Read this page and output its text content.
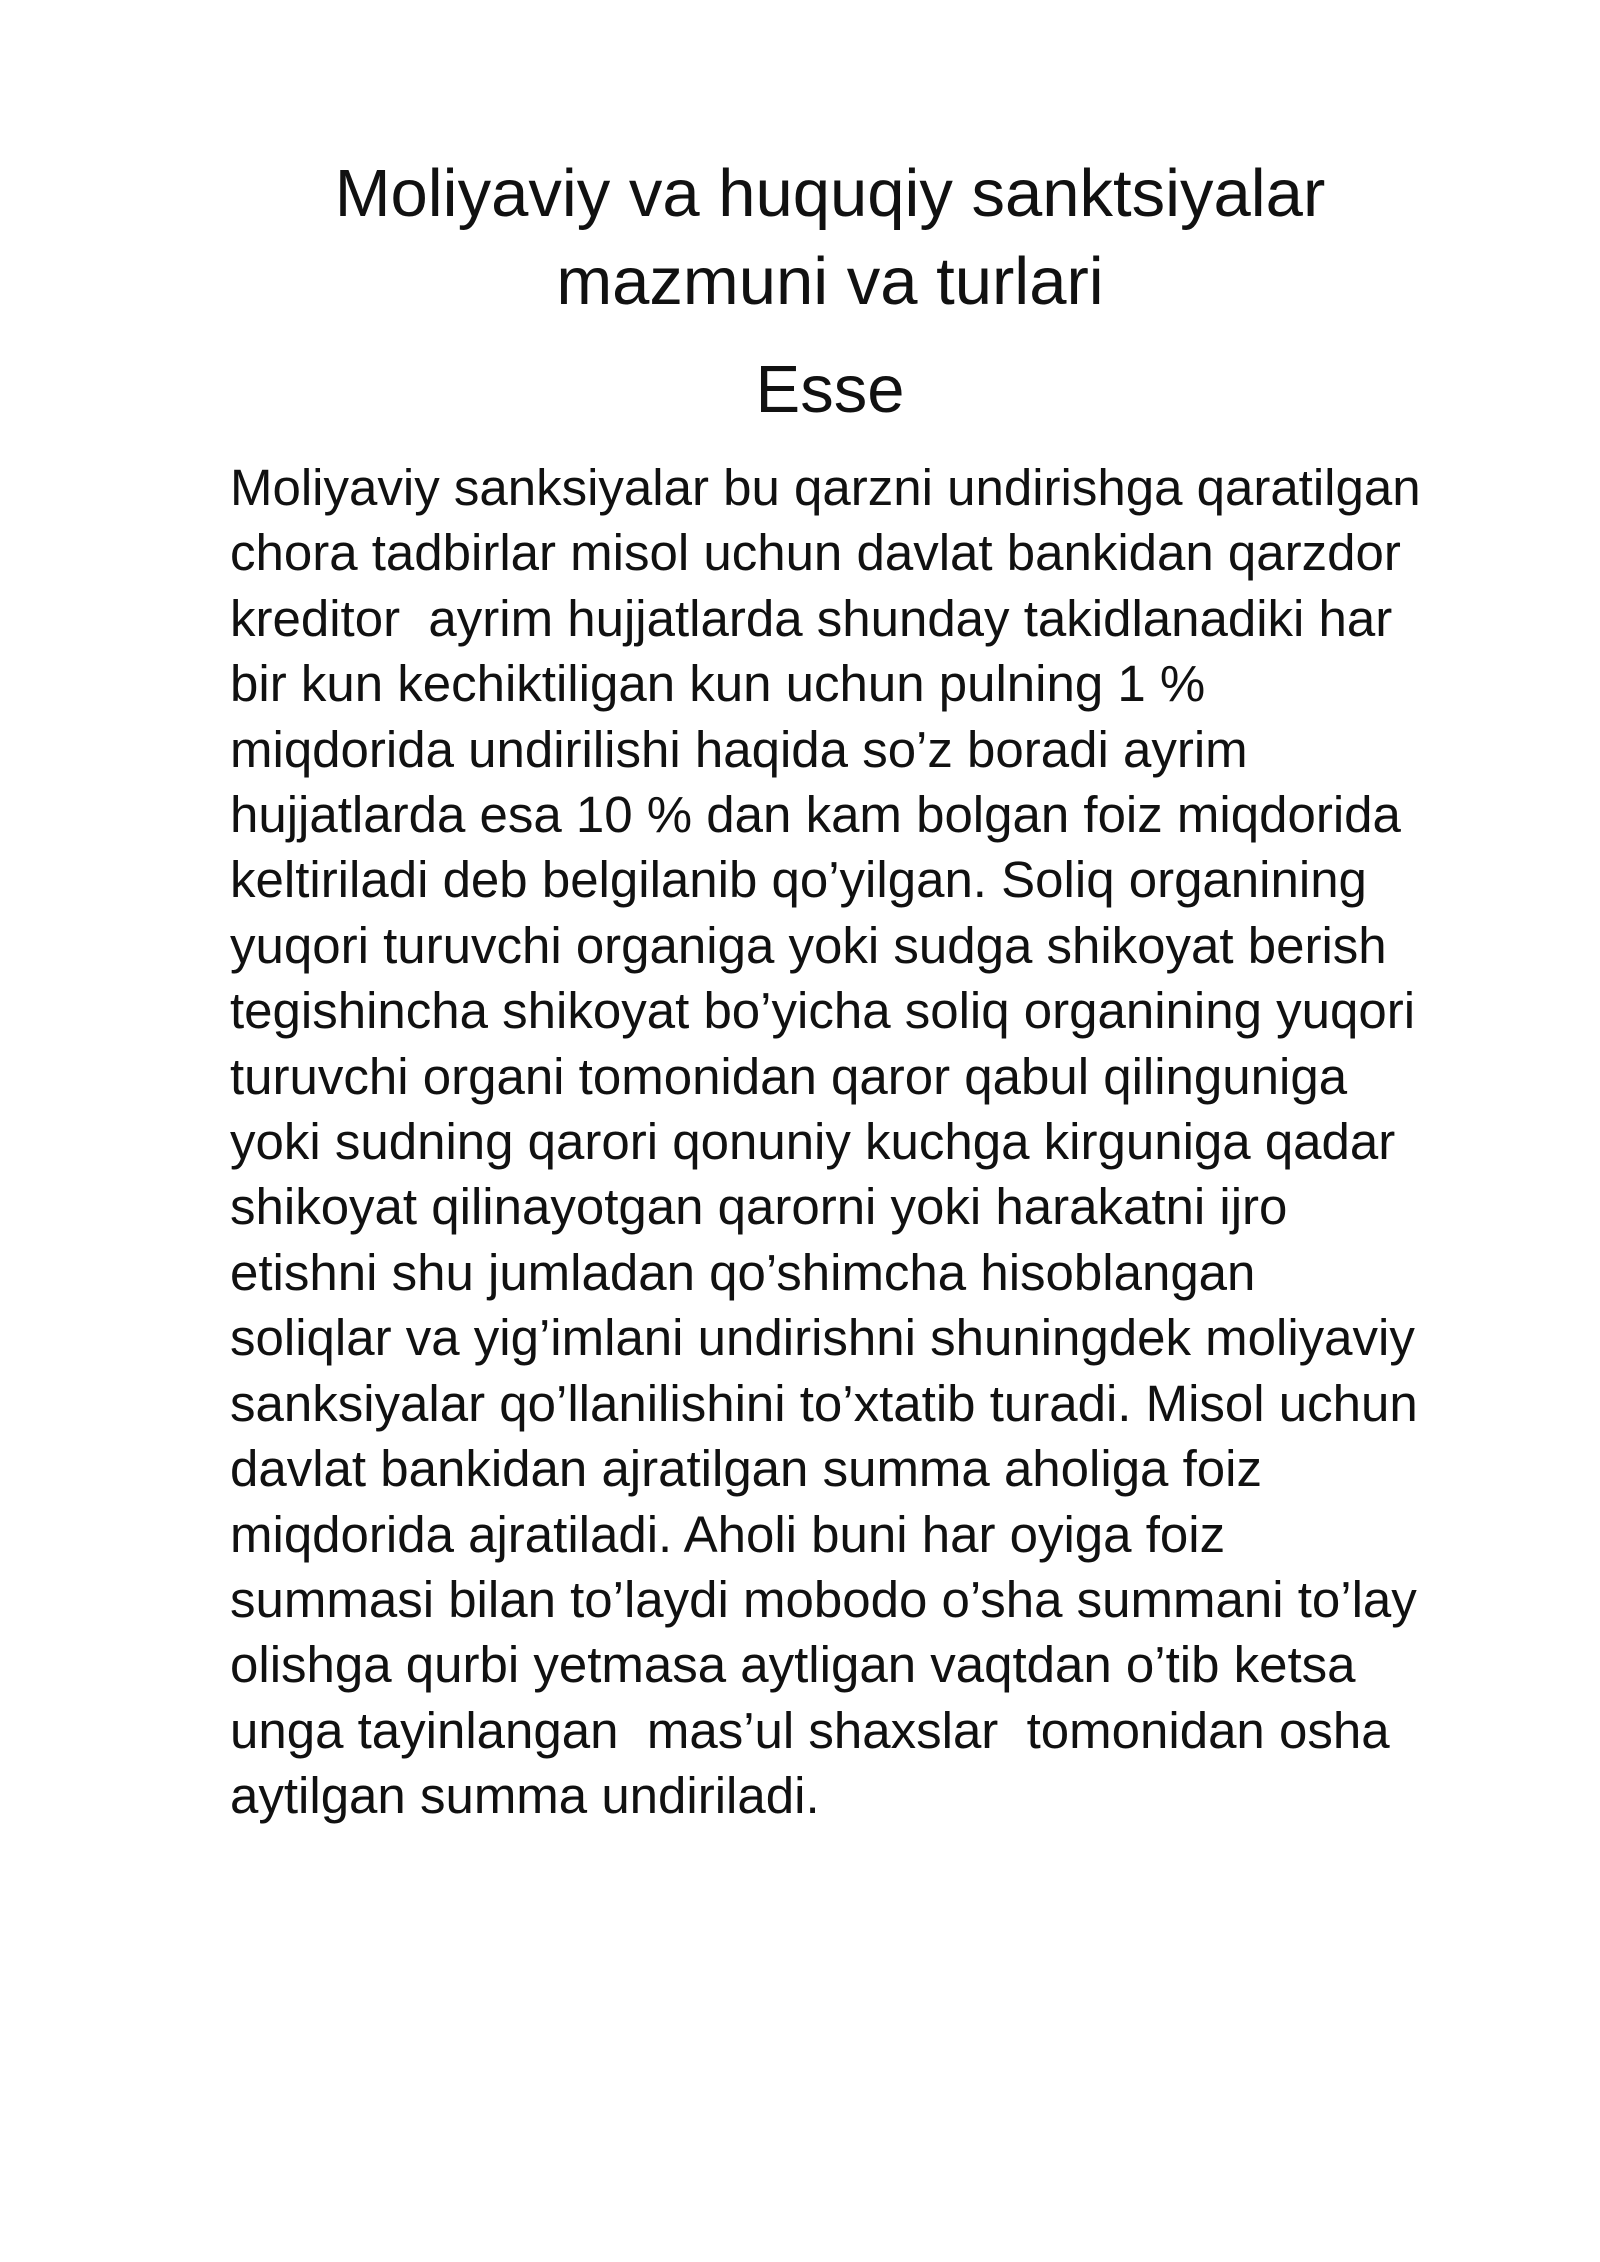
Moliyaviy va huquqiy sanktsiyalar
mazmuni va turlari
Esse
Moliyaviy sanksiyalar bu qarzni undirishga qaratilgan
chora tadbirlar misol uchun davlat bankidan qarzdor
kreditor  ayrim hujjatlarda shunday takidlanadiki har
bir kun kechiktiligan kun uchun pulning 1 %
miqdorida undirilishi haqida so’z boradi ayrim
hujjatlarda esa 10 % dan kam bolgan foiz miqdorida
keltiriladi deb belgilanib qo’yilgan. Soliq organining
yuqori turuvchi organiga yoki sudga shikoyat berish
tegishincha shikoyat bo’yicha soliq organining yuqori
turuvchi organi tomonidan qaror qabul qilinguniga
yoki sudning qarori qonuniy kuchga kirguniga qadar
shikoyat qilinayotgan qarorni yoki harakatni ijro
etishni shu jumladan qo’shimcha hisoblangan
soliqlar va yig’imlani undirishni shuningdek moliyaviy
sanksiyalar qo’llanilishini to’xtatib turadi. Misol uchun
davlat bankidan ajratilgan summa aholiga foiz
miqdorida ajratiladi. Aholi buni har oyiga foiz
summasi bilan to’laydi mobodo o’sha summani to’lay
olishga qurbi yetmasa aytligan vaqtdan o’tib ketsa
unga tayinlangan  mas’ul shaxslar  tomonidan osha
aytilgan summa undiriladi.
